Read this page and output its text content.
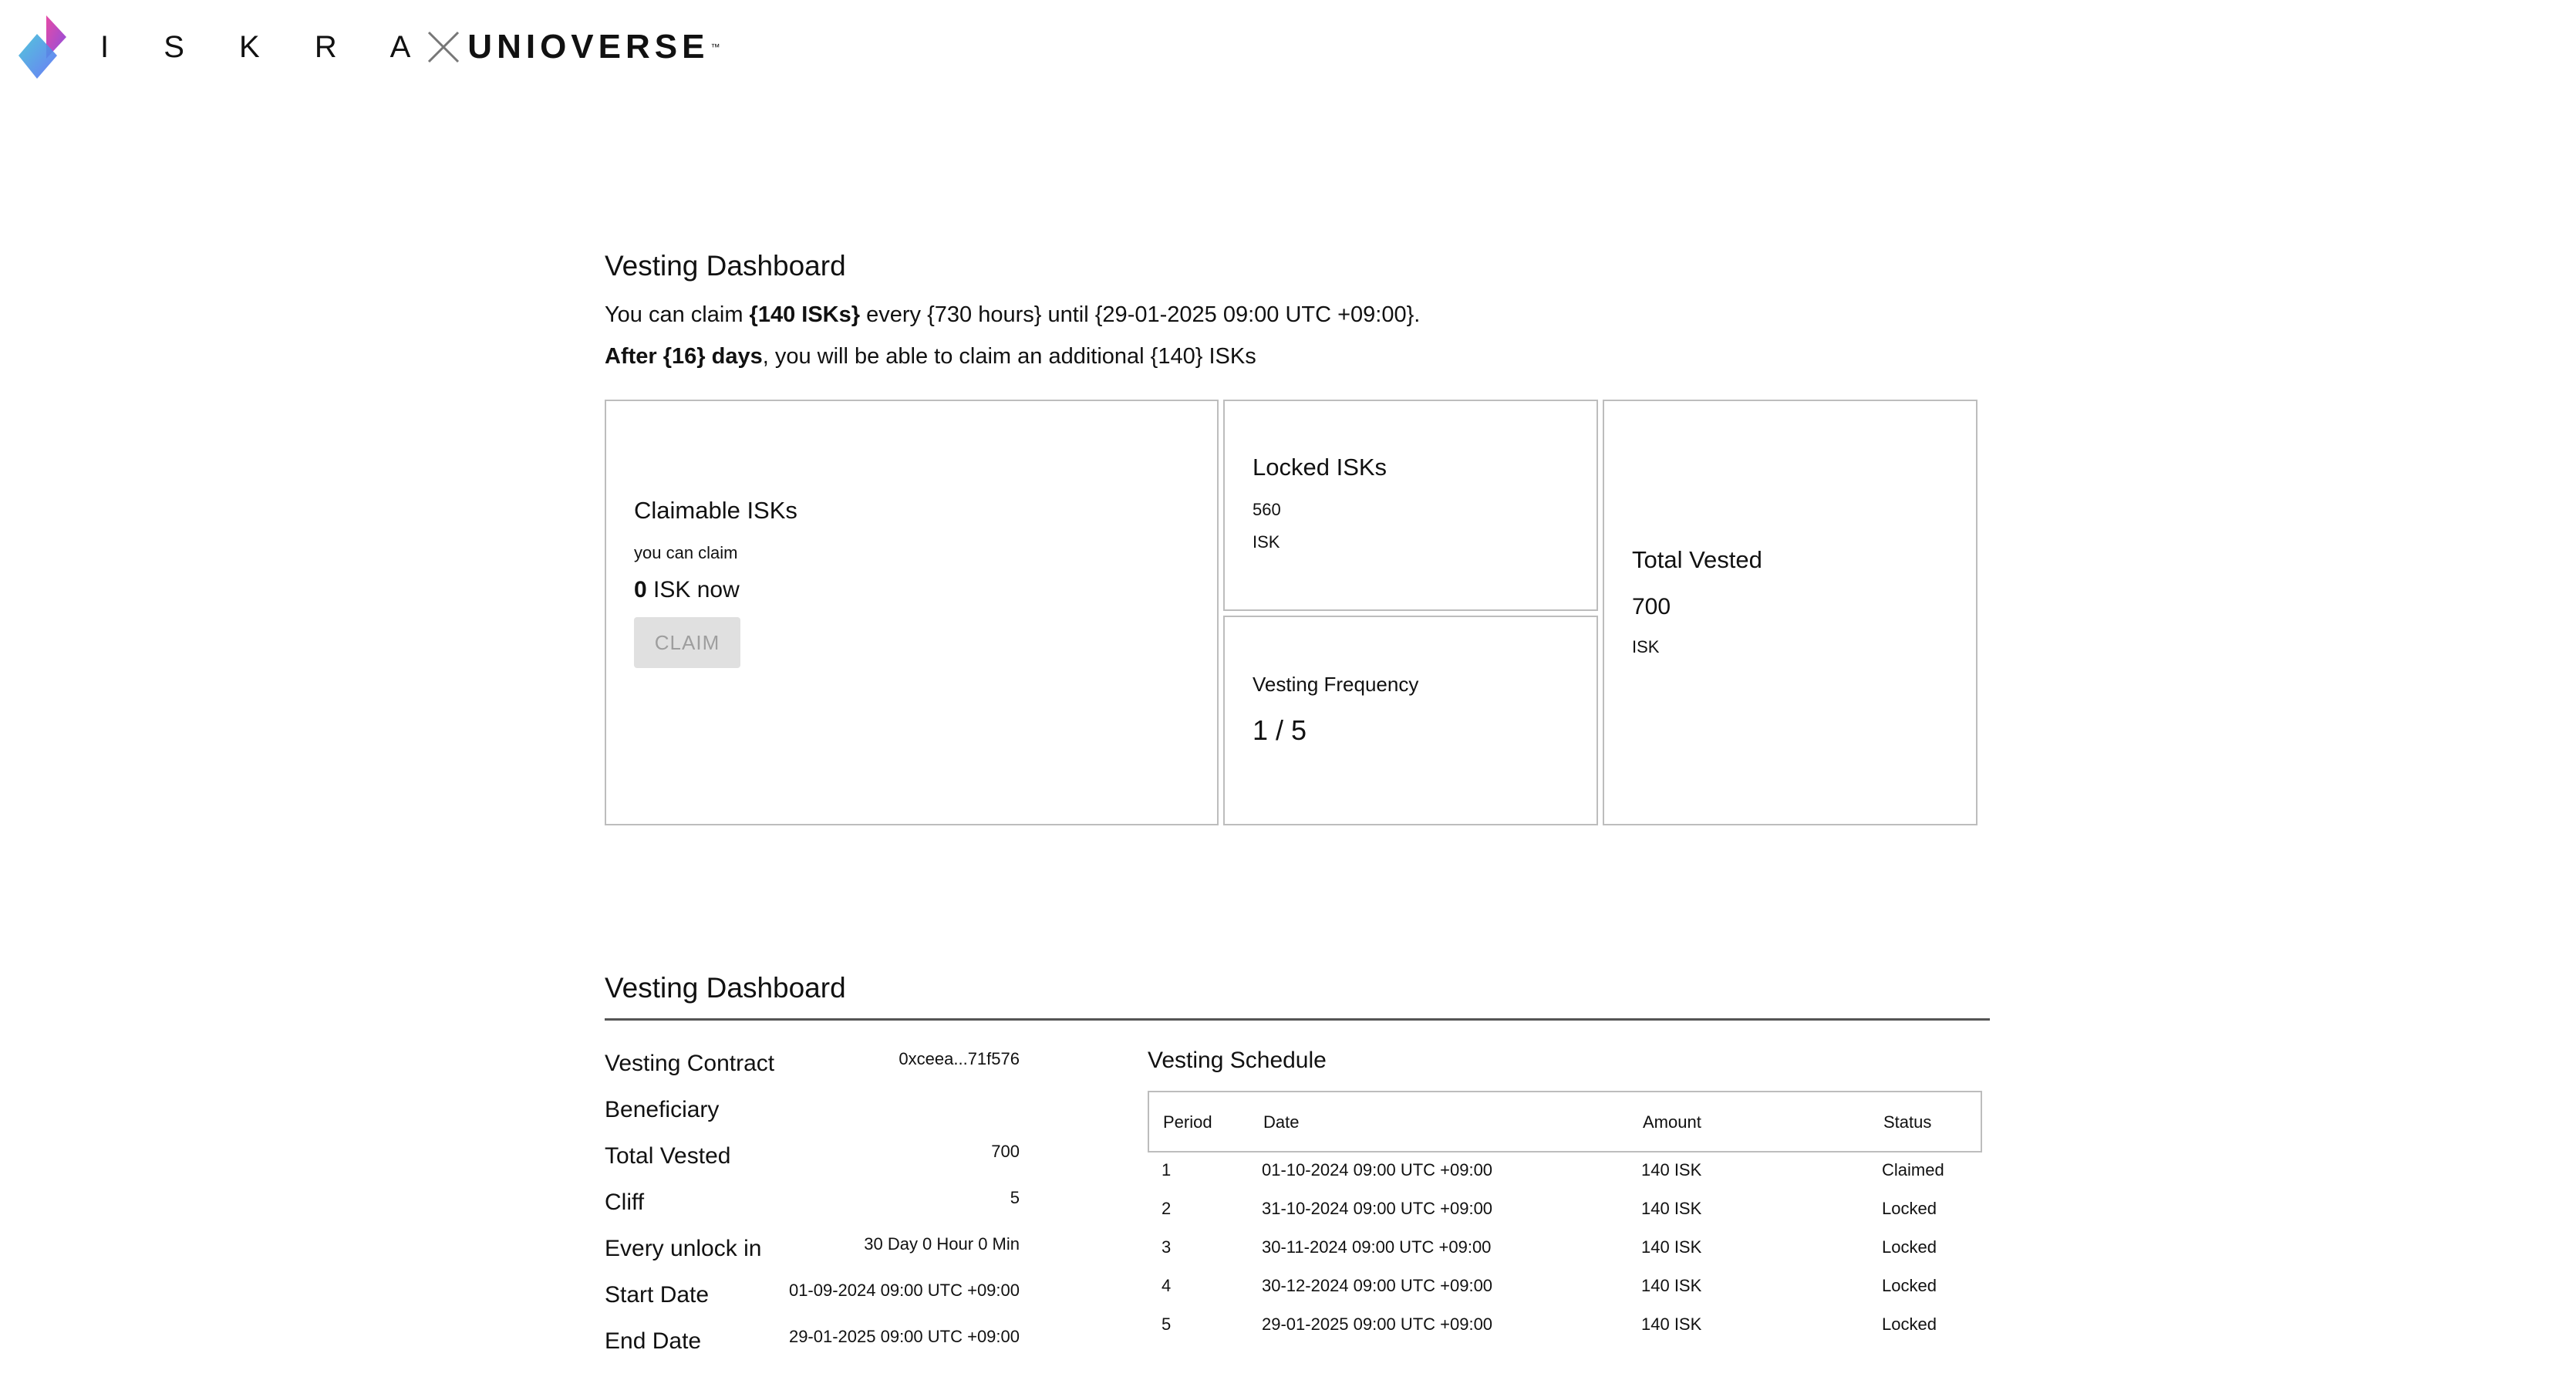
I S K R A UNIOVERSE ™
Vesting Dashboard
You can claim {140 ISKs} every {730 hours} until {29-01-2025 09:00 UTC +09:00}.
After {16} days, you will be able to claim an additional {140} ISKs
Claimable ISKs
you can claim
0 ISK now
CLAIM
Locked ISKs
560
ISK
Vesting Frequency
1 / 5
Total Vested
700
ISK
Vesting Dashboard
Vesting Contract	0xceea...71f576
Beneficiary
Total Vested	700
Cliff	5
Every unlock in	30 Day 0 Hour 0 Min
Start Date	01-09-2024 09:00 UTC +09:00
End Date	29-01-2025 09:00 UTC +09:00
Vesting Schedule
Period	Date	Amount	Status
1	01-10-2024 09:00 UTC +09:00	140 ISK	Claimed
2	31-10-2024 09:00 UTC +09:00	140 ISK	Locked
3	30-11-2024 09:00 UTC +09:00	140 ISK	Locked
4	30-12-2024 09:00 UTC +09:00	140 ISK	Locked
5	29-01-2025 09:00 UTC +09:00	140 ISK	Locked
